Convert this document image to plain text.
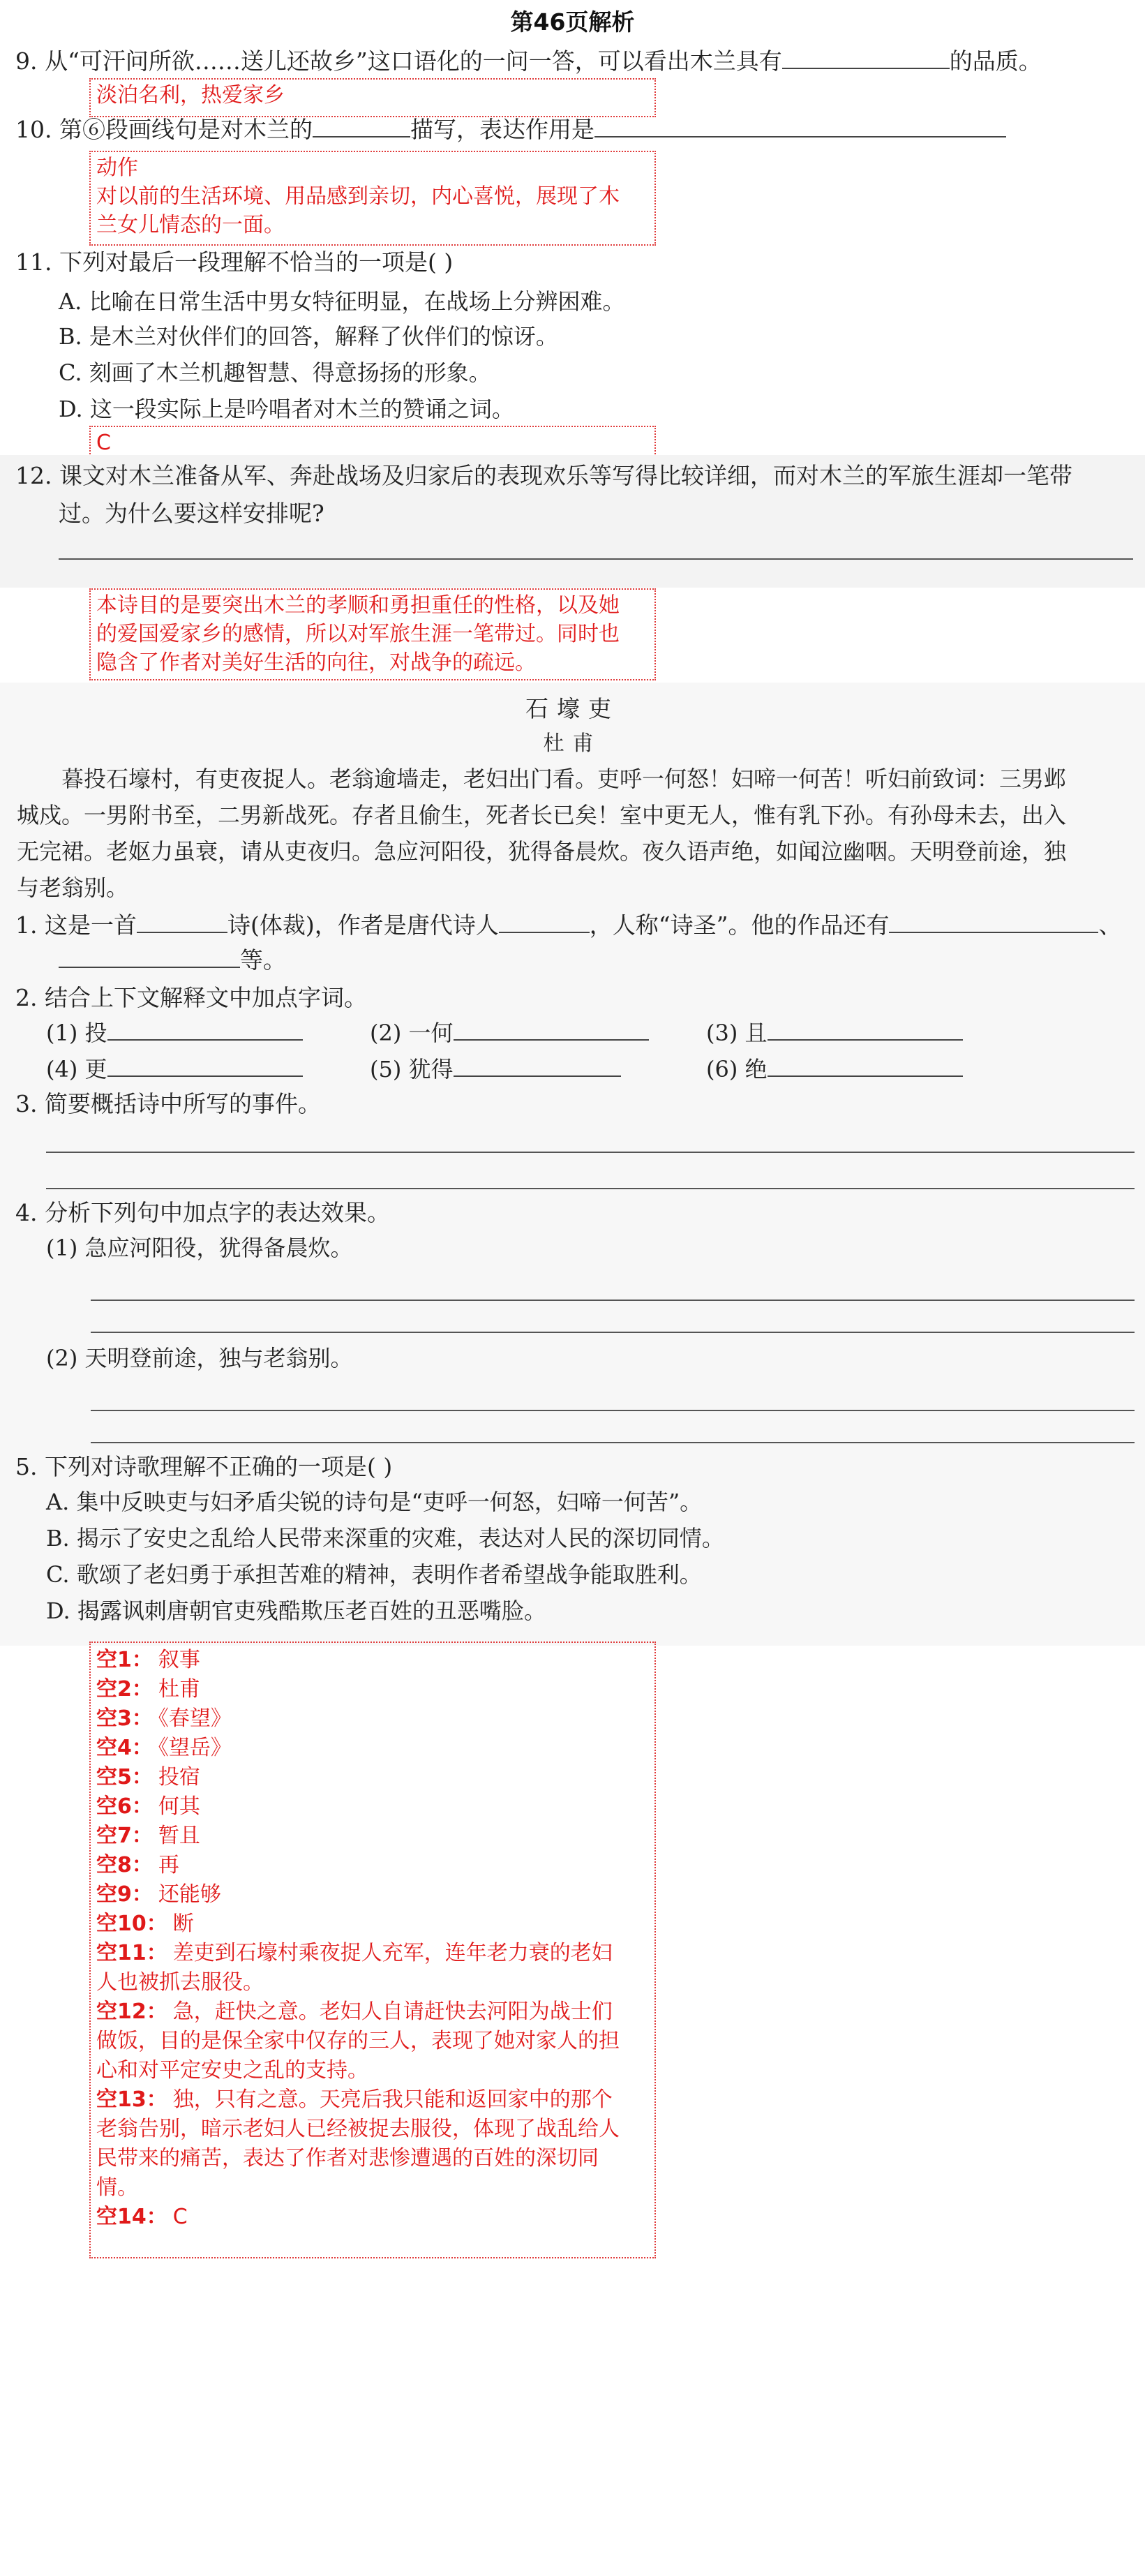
第46页解析
9. 从“可汗问所欲……送儿还故乡”这口语化的一问一答，可以看出木兰具有	的品质。
淡泊名利，热爱家乡
10. 第⑥段画线句是对木兰的	描写，表达作用是
动作
对以前的生活环境、用品感到亲切，内心喜悦，展现了木
兰女儿情态的一面。
11. 下列对最后一段理解不恰当的一项是( )
A. 比喻在日常生活中男女特征明显，在战场上分辨困难。
B. 是木兰对伙伴们的回答，解释了伙伴们的惊讶。
C. 刻画了木兰机趣智慧、得意扬扬的形象。
D. 这一段实际上是吟唱者对木兰的赞诵之词。
C
12. 课文对木兰准备从军、奔赴战场及归家后的表现欢乐等写得比较详细，而对木兰的军旅生涯却一笔带
过。为什么要这样安排呢?
本诗目的是要突出木兰的孝顺和勇担重任的性格，以及她
的爱国爱家乡的感情，所以对军旅生涯一笔带过。同时也
隐含了作者对美好生活的向往，对战争的疏远。
石壕吏
杜甫
暮投石壕村，有吏夜捉人。老翁逾墙走，老妇出门看。吏呼一何怒！妇啼一何苦！听妇前致词：三男邺
城戍。一男附书至，二男新战死。存者且偷生，死者长已矣！室中更无人，惟有乳下孙。有孙母未去，出入
无完裙。老妪力虽衰，请从吏夜归。急应河阳役，犹得备晨炊。夜久语声绝，如闻泣幽咽。天明登前途，独
与老翁别。
1. 这是一首	诗(体裁)，作者是唐代诗人	，人称“诗圣”。他的作品还有	、
等。
2. 结合上下文解释文中加点字词。
(1) 投	(2) 一何	(3) 且
(4) 更	(5) 犹得	(6) 绝
3. 简要概括诗中所写的事件。
4. 分析下列句中加点字的表达效果。
(1) 急应河阳役，犹得备晨炊。
(2) 天明登前途，独与老翁别。
5. 下列对诗歌理解不正确的一项是( )
A. 集中反映吏与妇矛盾尖锐的诗句是“吏呼一何怒，妇啼一何苦”。
B. 揭示了安史之乱给人民带来深重的灾难，表达对人民的深切同情。
C. 歌颂了老妇勇于承担苦难的精神，表明作者希望战争能取胜利。
D. 揭露讽刺唐朝官吏残酷欺压老百姓的丑恶嘴脸。
空1： 叙事
空2： 杜甫
空3： 《春望》
空4： 《望岳》
空5： 投宿
空6： 何其
空7： 暂且
空8： 再
空9： 还能够
空10： 断
空11： 差吏到石壕村乘夜捉人充军，连年老力衰的老妇
人也被抓去服役。
空12： 急，赶快之意。老妇人自请赶快去河阳为战士们
做饭，目的是保全家中仅存的三人，表现了她对家人的担
心和对平定安史之乱的支持。
空13： 独，只有之意。天亮后我只能和返回家中的那个
老翁告别，暗示老妇人已经被捉去服役，体现了战乱给人
民带来的痛苦，表达了作者对悲惨遭遇的百姓的深切同
情。
空14： C
